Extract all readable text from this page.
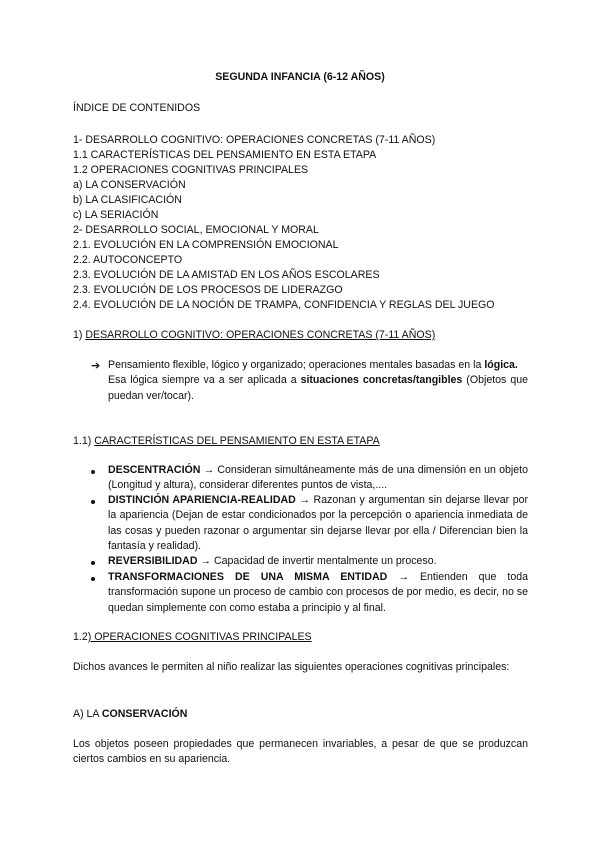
SEGUNDA INFANCIA (6-12 AÑOS)
ÍNDICE DE CONTENIDOS
1- DESARROLLO COGNITIVO: OPERACIONES CONCRETAS (7-11 AÑOS)
1.1 CARACTERÍSTICAS DEL PENSAMIENTO EN ESTA ETAPA
1.2 OPERACIONES COGNITIVAS PRINCIPALES
a) LA CONSERVACIÓN
b) LA CLASIFICACIÓN
c) LA SERIACIÓN
2- DESARROLLO SOCIAL, EMOCIONAL Y MORAL
2.1. EVOLUCIÓN EN LA COMPRENSIÓN EMOCIONAL
2.2. AUTOCONCEPTO
2.3. EVOLUCIÓN DE LA AMISTAD EN LOS AÑOS ESCOLARES
2.3. EVOLUCIÓN DE LOS PROCESOS DE LIDERAZGO
2.4. EVOLUCIÓN DE LA NOCIÓN DE TRAMPA, CONFIDENCIA Y REGLAS DEL JUEGO
1) DESARROLLO COGNITIVO: OPERACIONES CONCRETAS (7-11 AÑOS)
➔ Pensamiento flexible, lógico y organizado; operaciones mentales basadas en la lógica.
Esa lógica siempre va a ser aplicada a situaciones concretas/tangibles (Objetos que puedan ver/tocar).
1.1) CARACTERÍSTICAS DEL PENSAMIENTO EN ESTA ETAPA
DESCENTRACIÓN → Consideran simultáneamente más de una dimensión en un objeto (Longitud y altura), considerar diferentes puntos de vista,....
DISTINCIÓN APARIENCIA-REALIDAD → Razonan y argumentan sin dejarse llevar por la apariencia (Dejan de estar condicionados por la percepción o apariencia inmediata de las cosas y pueden razonar o argumentar sin dejarse llevar por ella / Diferencian bien la fantasía y realidad).
REVERSIBILIDAD → Capacidad de invertir mentalmente un proceso.
TRANSFORMACIONES DE UNA MISMA ENTIDAD → Entienden que toda transformación supone un proceso de cambio con procesos de por medio, es decir, no se quedan simplemente con como estaba a principio y al final.
1.2) OPERACIONES COGNITIVAS PRINCIPALES
Dichos avances le permiten al niño realizar las siguientes operaciones cognitivas principales:
A) LA CONSERVACIÓN
Los objetos poseen propiedades que permanecen invariables, a pesar de que se produzcan ciertos cambios en su apariencia.
